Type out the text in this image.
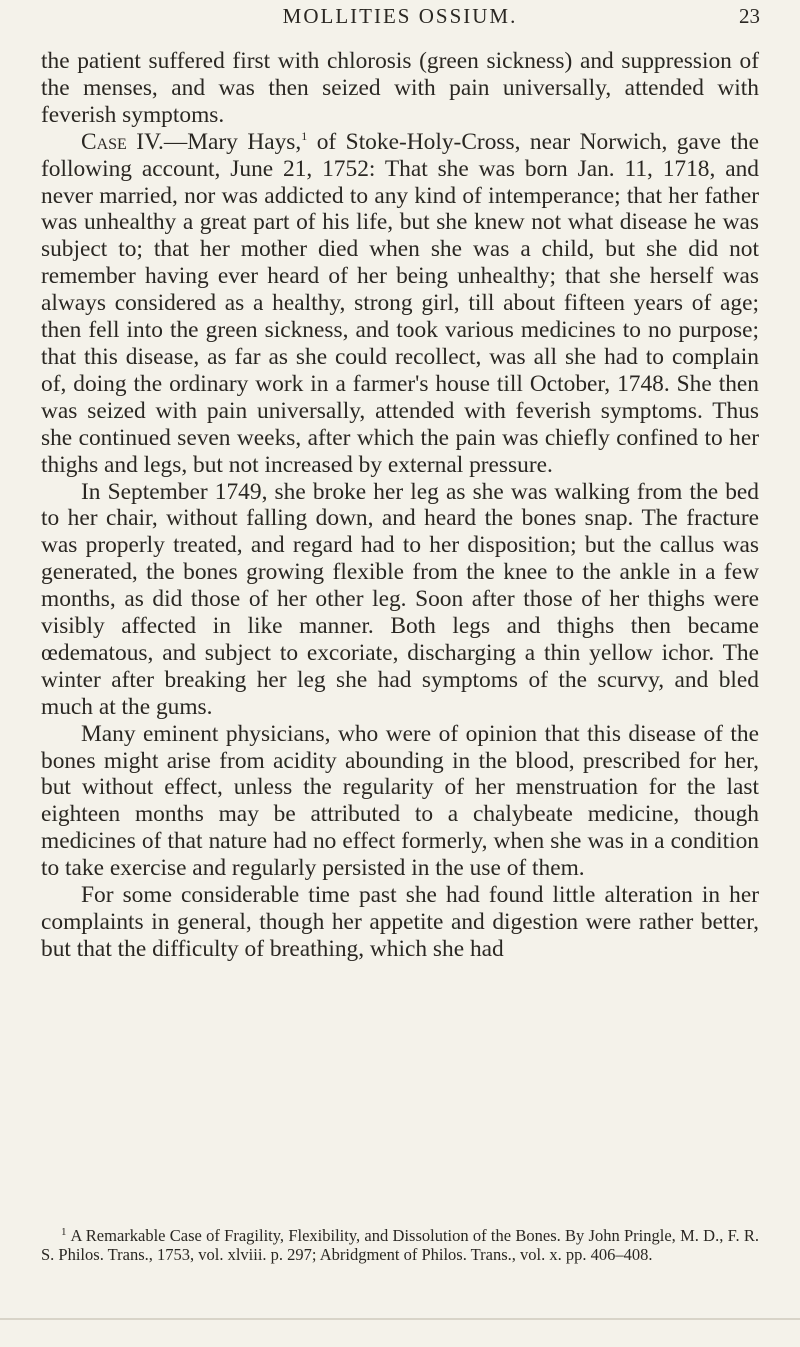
MOLLITIES OSSIUM.	23

the patient suffered first with chlorosis (green sickness) and suppression of the menses, and was then seized with pain universally, attended with feverish symptoms.

Case IV.—Mary Hays,$^1$ of Stoke-Holy-Cross, near Norwich, gave the following account, June 21, 1752: That she was born Jan. 11, 1718, and never married, nor was addicted to any kind of intemperance; that her father was unhealthy a great part of his life, but she knew not what disease he was subject to; that her mother died when she was a child, but she did not remember having ever heard of her being unhealthy; that she herself was always considered as a healthy, strong girl, till about fifteen years of age; then fell into the green sickness, and took various medicines to no purpose; that this disease, as far as she could recollect, was all she had to complain of, doing the ordinary work in a farmer's house till October, 1748. She then was seized with pain universally, attended with feverish symptoms. Thus she continued seven weeks, after which the pain was chiefly confined to her thighs and legs, but not increased by external pressure.

In September 1749, she broke her leg as she was walking from the bed to her chair, without falling down, and heard the bones snap. The fracture was properly treated, and regard had to her disposition; but the callus was generated, the bones growing flexible from the knee to the ankle in a few months, as did those of her other leg. Soon after those of her thighs were visibly affected in like manner. Both legs and thighs then became œdematous, and subject to excoriate, discharging a thin yellow ichor. The winter after breaking her leg she had symptoms of the scurvy, and bled much at the gums.

Many eminent physicians, who were of opinion that this disease of the bones might arise from acidity abounding in the blood, prescribed for her, but without effect, unless the regularity of her menstruation for the last eighteen months may be attributed to a chalybeate medicine, though medicines of that nature had no effect formerly, when she was in a condition to take exercise and regularly persisted in the use of them.

For some considerable time past she had found little alteration in her complaints in general, though her appetite and digestion were rather better, but that the difficulty of breathing, which she had

$^1$ A Remarkable Case of Fragility, Flexibility, and Dissolution of the Bones. By John Pringle, M. D., F. R. S. Philos. Trans., 1753, vol. xlviii. p. 297; Abridgment of Philos. Trans., vol. x. pp. 406–408.
